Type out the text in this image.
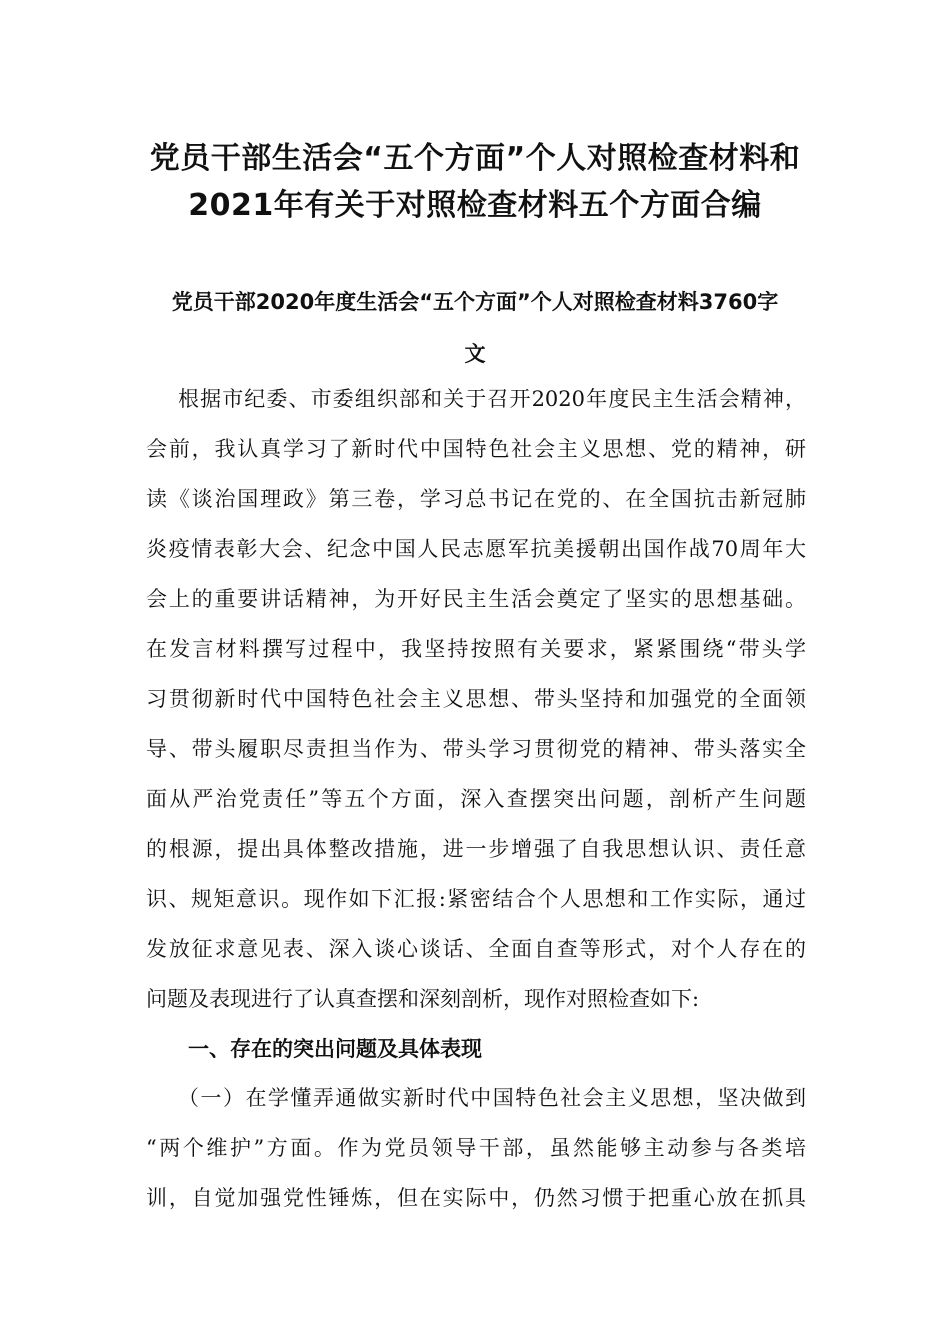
党员干部生活会“五个方面”个人对照检查材料和
2021年有关于对照检查材料五个方面合编
党员干部2020年度生活会“五个方面”个人对照检查材料3760字
文
根据市纪委、市委组织部和关于召开2020年度民主生活会精神，
会前，我认真学习了新时代中国特色社会主义思想、党的精神，研
读《谈治国理政》第三卷，学习总书记在党的、在全国抗击新冠肺
炎疫情表彰大会、纪念中国人民志愿军抗美援朝出国作战70周年大
会上的重要讲话精神，为开好民主生活会奠定了坚实的思想基础。
在发言材料撰写过程中，我坚持按照有关要求，紧紧围绕“带头学
习贯彻新时代中国特色社会主义思想、带头坚持和加强党的全面领
导、带头履职尽责担当作为、带头学习贯彻党的精神、带头落实全
面从严治党责任”等五个方面，深入查摆突出问题，剖析产生问题
的根源，提出具体整改措施，进一步增强了自我思想认识、责任意
识、规矩意识。现作如下汇报:紧密结合个人思想和工作实际，通过
发放征求意见表、深入谈心谈话、全面自查等形式，对个人存在的
问题及表现进行了认真查摆和深刻剖析，现作对照检查如下:
一、存在的突出问题及具体表现
（一）在学懂弄通做实新时代中国特色社会主义思想，坚决做到
“两个维护”方面。作为党员领导干部，虽然能够主动参与各类培
训，自觉加强党性锤炼，但在实际中，仍然习惯于把重心放在抓具
